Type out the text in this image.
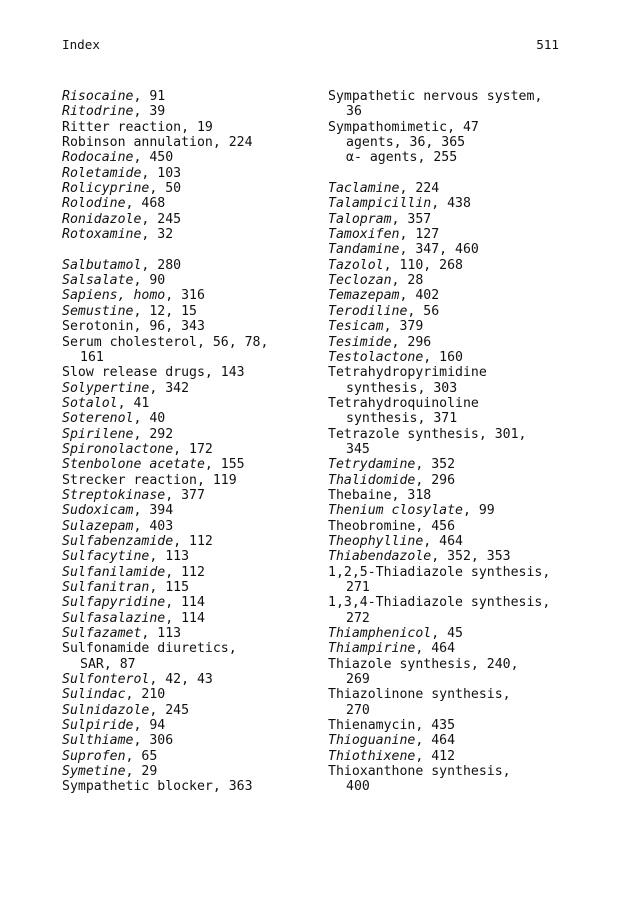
Index	511
Risocaine, 91
Ritodrine, 39
Ritter reaction, 19
Robinson annulation, 224
Rodocaine, 450
Roletamide, 103
Rolicyprine, 50
Rolodine, 468
Ronidazole, 245
Rotoxamine, 32
Salbutamol, 280
Salsalate, 90
Sapiens, homo, 316
Semustine, 12, 15
Serotonin, 96, 343
Serum cholesterol, 56, 78,
161
Slow release drugs, 143
Solypertine, 342
Sotalol, 41
Soterenol, 40
Spirilene, 292
Spironolactone, 172
Stenbolone acetate, 155
Strecker reaction, 119
Streptokinase, 377
Sudoxicam, 394
Sulazepam, 403
Sulfabenzamide, 112
Sulfacytine, 113
Sulfanilamide, 112
Sulfanitran, 115
Sulfapyridine, 114
Sulfasalazine, 114
Sulfazamet, 113
Sulfonamide diuretics,
SAR, 87
Sulfonterol, 42, 43
Sulindac, 210
Sulnidazole, 245
Sulpiride, 94
Sulthiame, 306
Suprofen, 65
Symetine, 29
Sympathetic blocker, 363
Sympathetic nervous system,
36
Sympathomimetic, 47
agents, 36, 365
α- agents, 255
Taclamine, 224
Talampicillin, 438
Talopram, 357
Tamoxifen, 127
Tandamine, 347, 460
Tazolol, 110, 268
Teclozan, 28
Temazepam, 402
Terodiline, 56
Tesicam, 379
Tesimide, 296
Testolactone, 160
Tetrahydropyrimidine
synthesis, 303
Tetrahydroquinoline
synthesis, 371
Tetrazole synthesis, 301,
345
Tetrydamine, 352
Thalidomide, 296
Thebaine, 318
Thenium closylate, 99
Theobromine, 456
Theophylline, 464
Thiabendazole, 352, 353
1,2,5-Thiadiazole synthesis,
271
1,3,4-Thiadiazole synthesis,
272
Thiamphenicol, 45
Thiampirine, 464
Thiazole synthesis, 240,
269
Thiazolinone synthesis,
270
Thienamycin, 435
Thioguanine, 464
Thiothixene, 412
Thioxanthone synthesis,
400
